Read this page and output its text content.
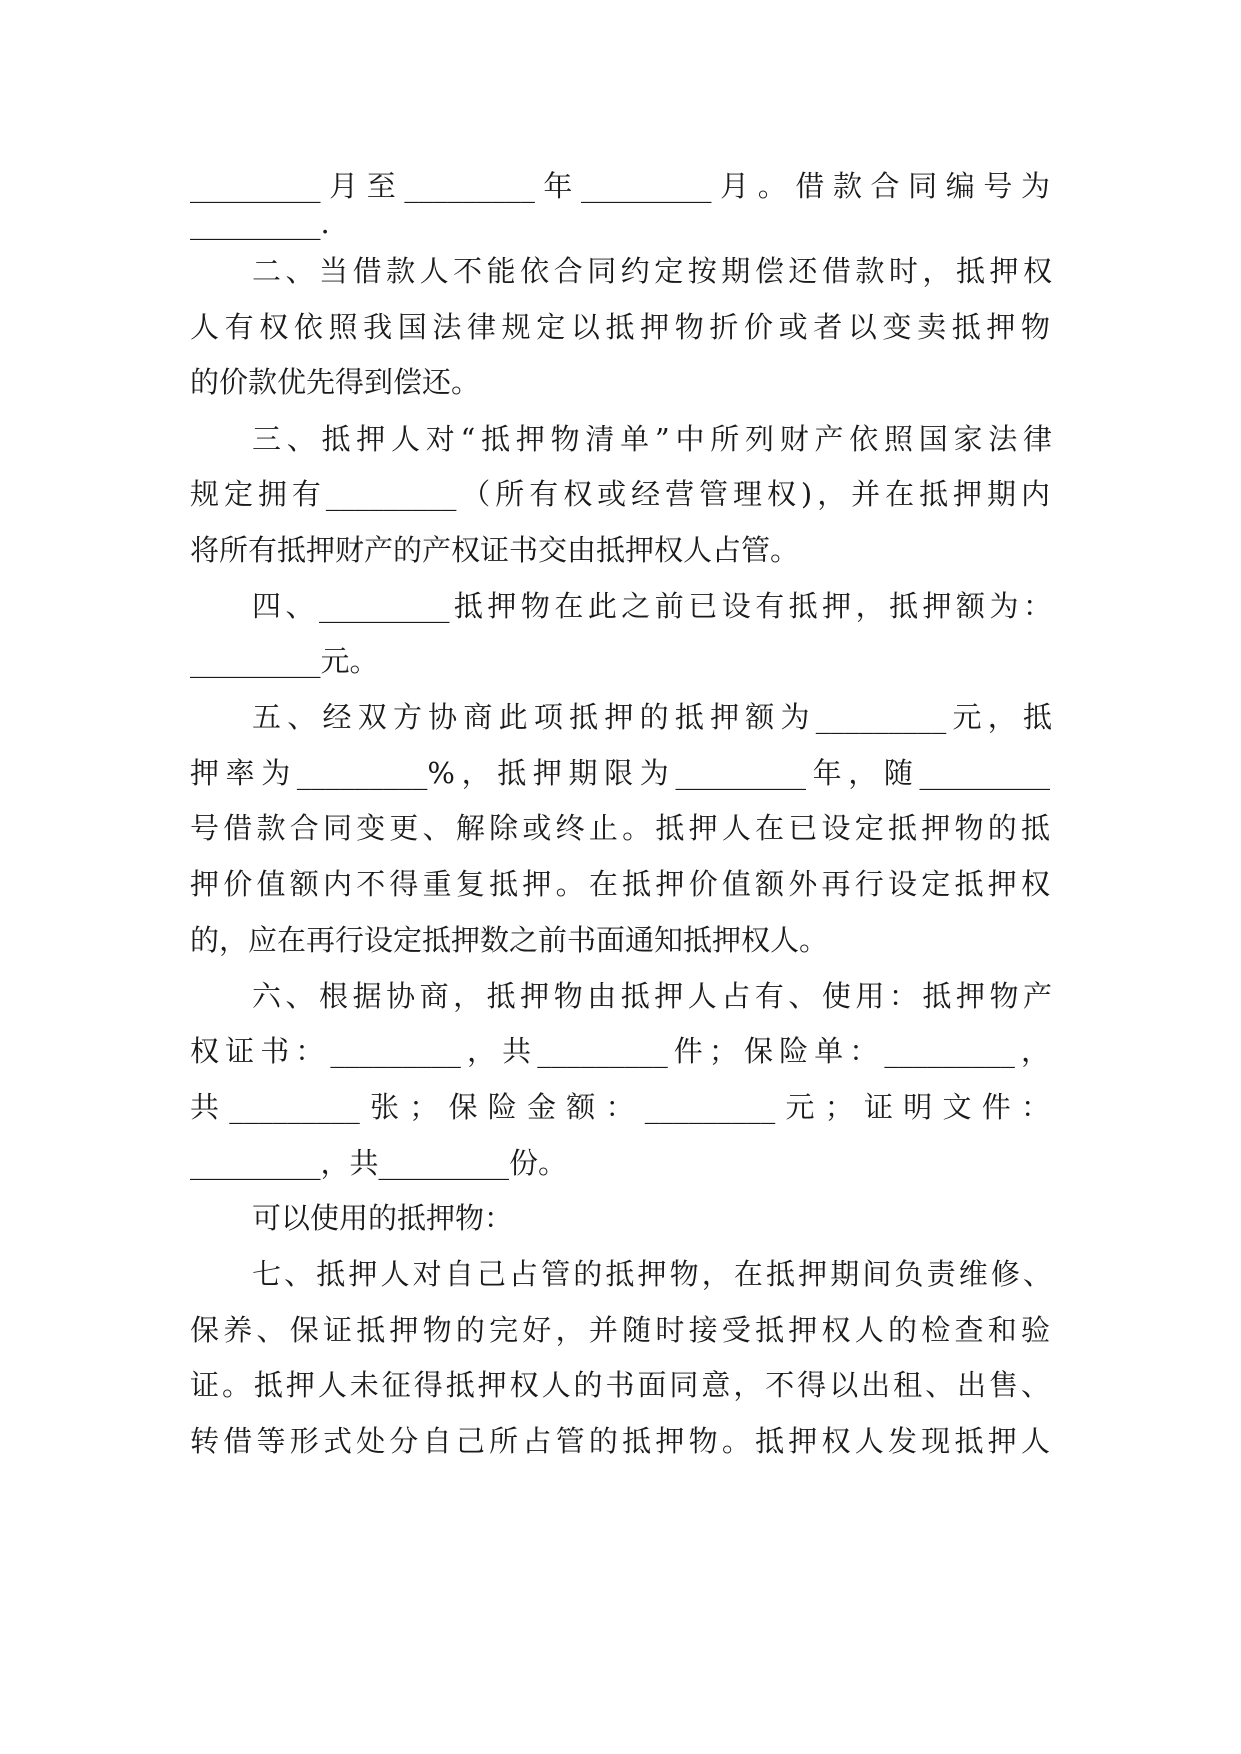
_________月至_________年_________月。借款合同编号为
_________.
二、当借款人不能依合同约定按期偿还借款时，抵押权
人有权依照我国法律规定以抵押物折价或者以变卖抵押物
的价款优先得到偿还。
三、抵押人对“抵押物清单”中所列财产依照国家法律
规定拥有_________（所有权或经营管理权)，并在抵押期内
将所有抵押财产的产权证书交由抵押权人占管。
四、_________抵押物在此之前已设有抵押，抵押额为：
_________元。
五、经双方协商此项抵押的抵押额为_________元，抵
押率为_________%，抵押期限为_________年，随_________
号借款合同变更、解除或终止。抵押人在已设定抵押物的抵
押价值额内不得重复抵押。在抵押价值额外再行设定抵押权
的，应在再行设定抵押数之前书面通知抵押权人。
六、根据协商，抵押物由抵押人占有、使用：抵押物产
权证书：_________，共_________件；保险单：_________，
共_________张；保险金额：_________元；证明文件：
_________，共_________份。
可以使用的抵押物：
七、抵押人对自己占管的抵押物，在抵押期间负责维修、
保养、保证抵押物的完好，并随时接受抵押权人的检查和验
证。抵押人未征得抵押权人的书面同意，不得以出租、出售、
转借等形式处分自己所占管的抵押物。抵押权人发现抵押人
